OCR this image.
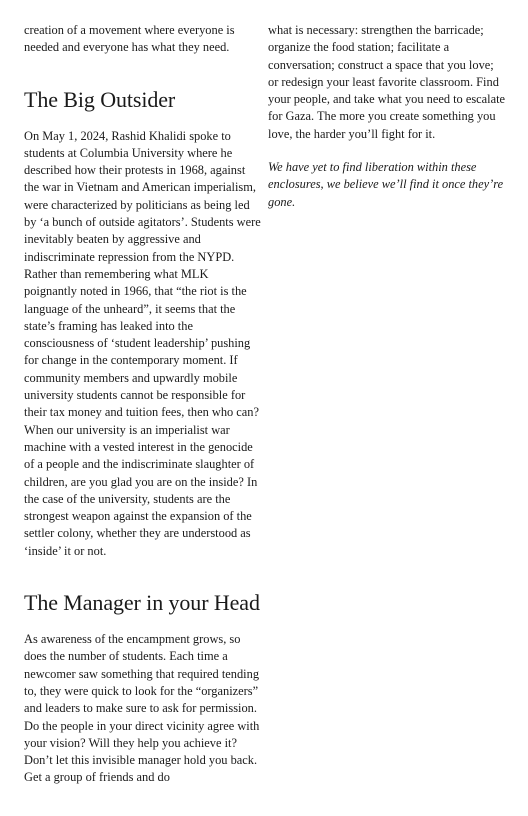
creation of a movement where everyone is needed and everyone has what they need.

The Big Outsider

On May 1, 2024, Rashid Khalidi spoke to students at Columbia University where he described how their protests in 1968, against the war in Vietnam and American imperialism, were characterized by politicians as being led by ‘a bunch of outside agitators’. Students were inevitably beaten by aggressive and indiscriminate repression from the NYPD. Rather than remembering what MLK poignantly noted in 1966, that “the riot is the language of the unheard”, it seems that the state’s framing has leaked into the consciousness of ‘student leadership’ pushing for change in the contemporary moment. If community members and upwardly mobile university students cannot be responsible for their tax money and tuition fees, then who can? When our university is an imperialist war machine with a vested interest in the genocide of a people and the indiscriminate slaughter of children, are you glad you are on the inside? In the case of the university, students are the strongest weapon against the expansion of the settler colony, whether they are understood as ‘inside’ it or not.

The Manager in your Head

As awareness of the encampment grows, so does the number of students. Each time a newcomer saw something that required tending to, they were quick to look for the “organizers” and leaders to make sure to ask for permission. Do the people in your direct vicinity agree with your vision? Will they help you achieve it? Don’t let this invisible manager hold you back. Get a group of friends and do

what is necessary: strengthen the barricade; organize the food station; facilitate a conversation; construct a space that you love; or redesign your least favorite classroom. Find your people, and take what you need to escalate for Gaza. The more you create something you love, the harder you’ll fight for it.

We have yet to find liberation within these enclosures, we believe we’ll find it once they’re gone.
